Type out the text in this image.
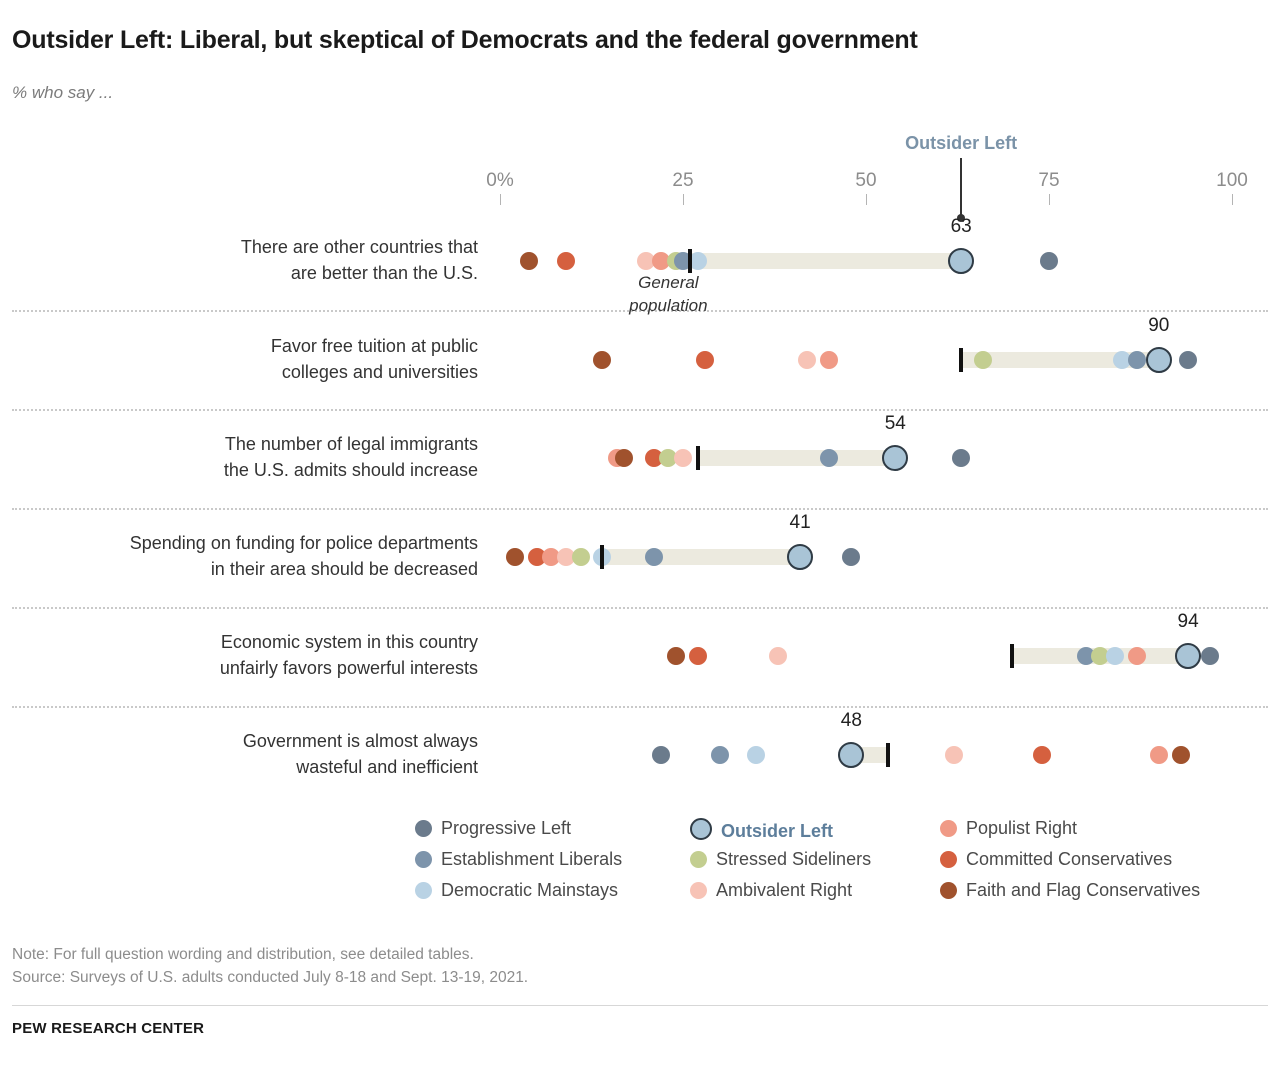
Outsider Left: Liberal, but skeptical of Democrats and the federal government
% who say ...
0%	25	50	75	100
Outsider Left
There are other countries that
are better than the U.S.
63
Favor free tuition at public
colleges and universities
90
The number of legal immigrants
the U.S. admits should increase
54
Spending on funding for police departments
in their area should be decreased
41
Economic system in this country
unfairly favors powerful interests
94
Government is almost always
wasteful and inefficient
48
General
population
Progressive Left	Outsider Left	Populist Right
Establishment Liberals	Stressed Sideliners	Committed Conservatives
Democratic Mainstays	Ambivalent Right	Faith and Flag Conservatives
Note: For full question wording and distribution, see detailed tables.
Source: Surveys of U.S. adults conducted July 8-18 and Sept. 13-19, 2021.
PEW RESEARCH CENTER
